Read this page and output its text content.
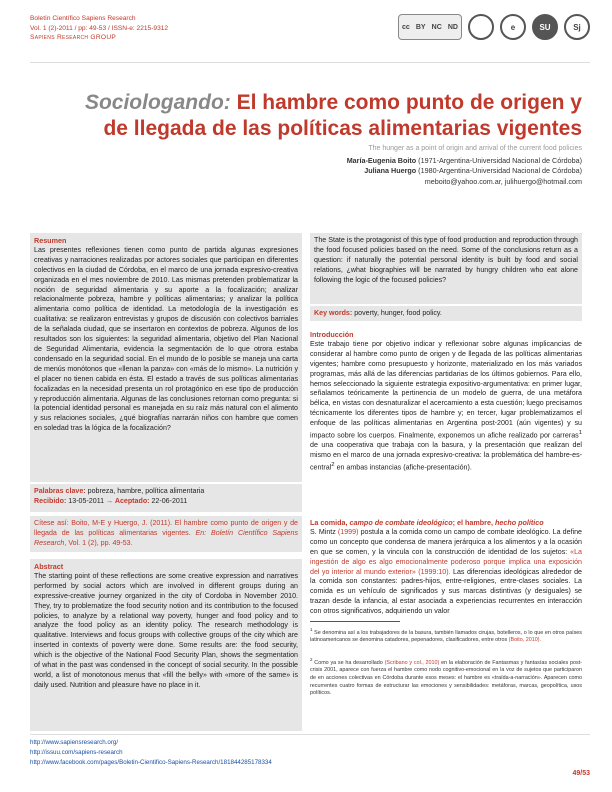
Boletín Científico Sapiens Research
Vol. 1 (2)-2011 / pp: 49-53 / ISSN-e: 2215-9312
Sapiens Research GROUP
cc BY NC ND	e	SU	Sj
Sociologando: El hambre como punto de origen y de llegada de las políticas alimentarias vigentes
The hunger as a point of origin and arrival of the current food policies
María-Eugenia Boito (1971-Argentina-Universidad Nacional de Córdoba)
Juliana Huergo (1980-Argentina-Universidad Nacional de Córdoba)
meboito@yahoo.com.ar, julihuergo@hotmail.com
Resumen

Las presentes reflexiones tienen como punto de partida algunas expresiones creativas y narraciones realizadas por actores sociales que participan en diferentes colectivos en la ciudad de Córdoba, en el marco de una jornada expresivo-creativa organizada en el mes noviembre de 2010. Las mismas pretenden problematizar la noción de seguridad alimentaria y su aporte a la focalización; analizar relacionalmente pobreza, hambre y políticas alimentarias; y analizar la política alimentaria como política de identidad. La metodología de la investigación es cualitativa: se realizaron entrevistas y grupos de discusión con colectivos barriales de la señalada ciudad, que se insertaron en contextos de pobreza. Algunos de los resultados son los siguientes: la seguridad alimentaria, objetivo del Plan Nacional de Seguridad Alimentaria, evidencia la segmentación de lo que otrora estaba condensado en la seguridad social. En el mundo de lo posible se maneja una carta de menús monótonos que «llenan la panza» con «más de lo mismo». La nutrición y el placer no tienen cabida en ésta. El estado a través de sus políticas alimentarias focalizadas en la necesidad presenta un rol protagónico en ese tipo de producción y reproducción alimentaria. Algunas de las conclusiones retornan como pregunta: si la potencial identidad personal es manejada en su raíz más natural con el alimento y sus relaciones sociales, ¿qué biografías narrarán niños con hambre que comen en soledad tras la lógica de la focalización?

Palabras clave: pobreza, hambre, política alimentaria

Recibido: 13-05-2011 → Aceptado: 22-06-2011

Cítese así: Boito, M-E y Huergo, J. (2011). El hambre como punto de origen y de llegada de las políticas alimentarias vigentes. En: Boletín Científico Sapiens Research, Vol. 1 (2), pp. 49-53.
Abstract

The starting point of these reflections are some creative expression and narratives performed by social actors which are involved in different groups during an expressive-creative journey organized in the city of Cordoba in November 2010. They, try to problematize the food security notion and its contribution to the focused policies, to analyze by a relational way poverty, hunger and food policy and to analyze the food policy as an identity policy. The research methodology is qualitative. Interviews and focus groups with collective groups of the city which are inserted in contexts of poverty were done. Some results are: the food security, which is the objective of the National Food Security Plan, shows the segmentation of what in the past was condensed in the concept of social security. In the possible world, a list of monotonous menus that «fill the belly» with «more of the same» is daily used. Nutrition and pleasure have no place in it.

The State is the protagonist of this type of food production and reproduction through the food focused policies based on the need. Some of the conclusions return as a question: if naturally the potential personal identity is built by food and social relations, ¿what biographies will be narrated by hungry children who eat alone following the logic of the focused policies?

Key words: poverty, hunger, food policy.

Introducción

Este trabajo tiene por objetivo indicar y reflexionar sobre algunas implicancias de considerar al hambre como punto de origen y de llegada de las políticas alimentarias vigentes; hambre como presupuesto y horizonte, materializado en los más variados programas, más allá de las diferencias partidarias de los últimos gobiernos. Para ello, hemos seleccionado la siguiente estrategia expositivo-argumentativa: en primer lugar, señalamos teóricamente la pertinencia de un modelo de guerra, de una metáfora bélica, en vistas con desnaturalizar el acercamiento a esta cuestión; luego precisamos técnicamente los diferentes tipos de hambre y; en tercer, lugar problematizamos el enfoque de las políticas alimentarias en Argentina post-2001 (aún vigentes) y su impacto sobre los cuerpos. Finalmente, exponemos un afiche realizado por carreras$^1$ de una cooperativa que trabaja con la basura, y la presentación que realizan del mismo en el marco de una jornada expresivo-creativa: la problemática del hambre-es-central$^2$ en ambas instancias (afiche-presentación).

La comida, campo de combate ideológico; el hambre, hecho político

S. Mintz (1999) postula a la comida como un campo de combate ideológico. La define como un concepto que condensa de manera jerárquica a los alimentos y a la ocasión en que se comen, y la vincula con la construcción de identidad de los sujetos: «La ingestión de algo es algo emocionalmente poderoso porque implica una exposición del yo interior al mundo exterior» (1999:10). Las diferencias ideológicas alrededor de la comida son constantes: padres-hijos, entre-religiones, entre-clases sociales. La comida es un vehículo de significados y sus marcas distintivas (y desiguales) se trazan desde la infancia, al estar asociada a experiencias recurrentes en interacción con otros significativos, adquiriendo un valor

$^1$ Se denomina así a los trabajadores de la basura, también llamados cirujas, botelleros, o lo que en otros países latinoamericanos se denomina catadores, pepenadores, clasificadores, entre otros (Boito, 2010).
$^2$ Como ya se ha desarrollado (Scribano y col., 2010) en la elaboración de Fantasmas y fantasías sociales post-crisis 2001, aparece con fuerza el hambre como nodo cognitivo-emocional en la voz de sujetos que participaron de en acciones colectivas en Córdoba durante esos meses: el hambre es «traída-a-narración». Aparecen como recurrentes cuatro formas de estructurar las emociones y sensibilidades: metáforas, marcas, geopolítica, usos políticos.
http://www.sapiensresearch.org/
http://issuu.com/sapiens-research
http://www.facebook.com/pages/Boletin-Cientifico-Sapiens-Research/181844285178334
49/53
